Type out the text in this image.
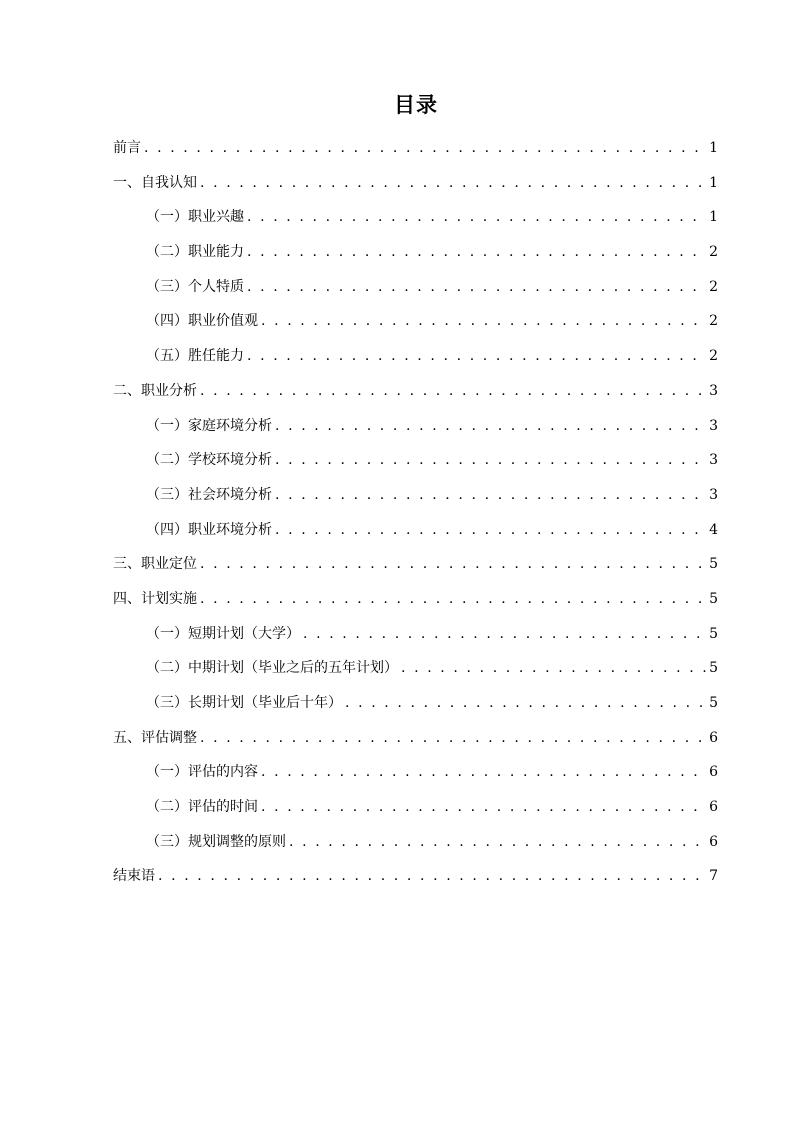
目录
前言 . . .	1
一、自我认知 . . .	1
（一）职业兴趣 . . .	1
（二）职业能力 . . .	2
（三）个人特质 . . .	2
（四）职业价值观 . . .	2
（五）胜任能力 . . .	2
二、职业分析 . . .	3
（一）家庭环境分析 . . .	3
（二）学校环境分析 . . .	3
（三）社会环境分析 . . .	3
（四）职业环境分析 . . .	4
三、职业定位 . . .	5
四、计划实施 . . .	5
（一）短期计划（大学） . . .	5
（二）中期计划（毕业之后的五年计划） . . .	5
（三）长期计划（毕业后十年） . . .	5
五、评估调整 . . .	6
（一）评估的内容 . . .	6
（二）评估的时间 . . .	6
（三）规划调整的原则 . . .	6
结束语 . . .	7
